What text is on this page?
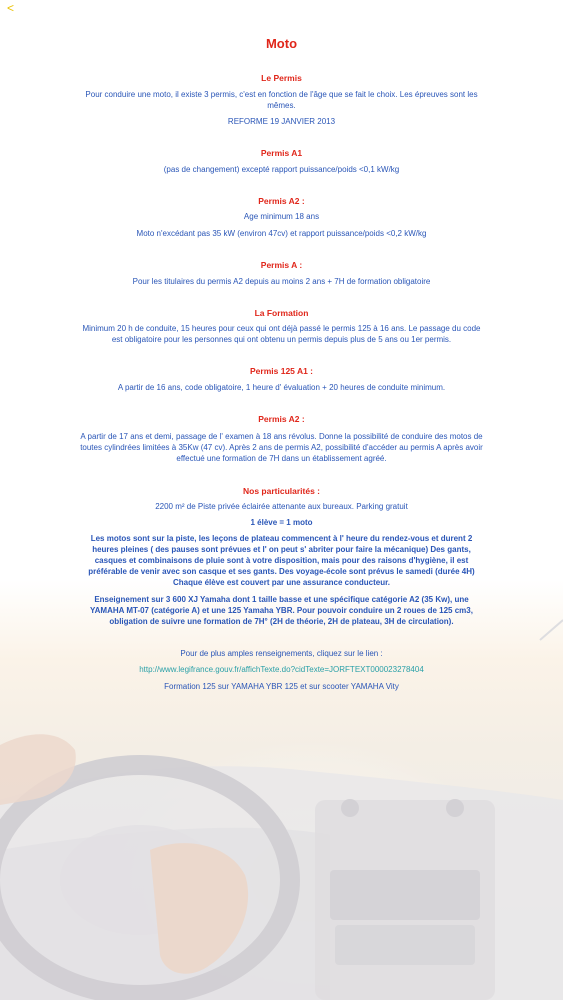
<
Moto
Le Permis
Pour conduire une moto, il existe 3 permis, c'est en fonction de l'âge que se fait le choix. Les épreuves sont les mêmes.
REFORME 19 JANVIER 2013
Permis A1
(pas de changement) excepté rapport puissance/poids <0,1 kW/kg
Permis A2 :
Age minimum 18 ans
Moto n'excédant pas 35 kW (environ 47cv) et rapport puissance/poids <0,2 kW/kg
Permis A :
Pour les titulaires du permis A2 depuis au moins 2 ans + 7H de formation obligatoire
La Formation
Minimum 20 h de conduite, 15 heures pour ceux qui ont déjà passé le permis 125 à 16 ans. Le passage du code est obligatoire pour les personnes qui ont obtenu un permis depuis plus de 5 ans ou 1er permis.
Permis 125 A1 :
A partir de 16 ans, code obligatoire, 1 heure d' évaluation + 20 heures de conduite minimum.
Permis A2 :
A partir de 17 ans et demi, passage de l' examen à 18 ans révolus. Donne la possibilité de conduire des motos de toutes cylindrées limitées à 35Kw (47 cv). Après 2 ans de permis A2, possibilité d'accéder au permis A après avoir effectué une formation de 7H dans un établissement agréé.
Nos particularités :
2200 m² de Piste privée éclairée attenante aux bureaux. Parking gratuit
1 élève = 1 moto
Les motos sont sur la piste, les leçons de plateau commencent à l' heure du rendez-vous et durent 2 heures pleines ( des pauses sont prévues et l' on peut s' abriter pour faire la mécanique) Des gants, casques et combinaisons de pluie sont à votre disposition, mais pour des raisons d'hygiène, il est préférable de venir avec son casque et ses gants. Des voyage-école sont prévus le samedi (durée 4H) Chaque élève est couvert par une assurance conducteur.
Enseignement sur 3 600 XJ Yamaha dont 1 taille basse et une spécifique catégorie A2 (35 Kw), une YAMAHA MT-07 (catégorie A) et une 125 Yamaha YBR. Pour pouvoir conduire un 2 roues de 125 cm3, obligation de suivre une formation de 7H° (2H de théorie, 2H de plateau, 3H de circulation).
Pour de plus amples renseignements, cliquez sur le lien :
http://www.legifrance.gouv.fr/affichTexte.do?cidTexte=JORFTEXT000023278404
Formation 125 sur YAMAHA YBR 125 et sur scooter YAMAHA Vity
